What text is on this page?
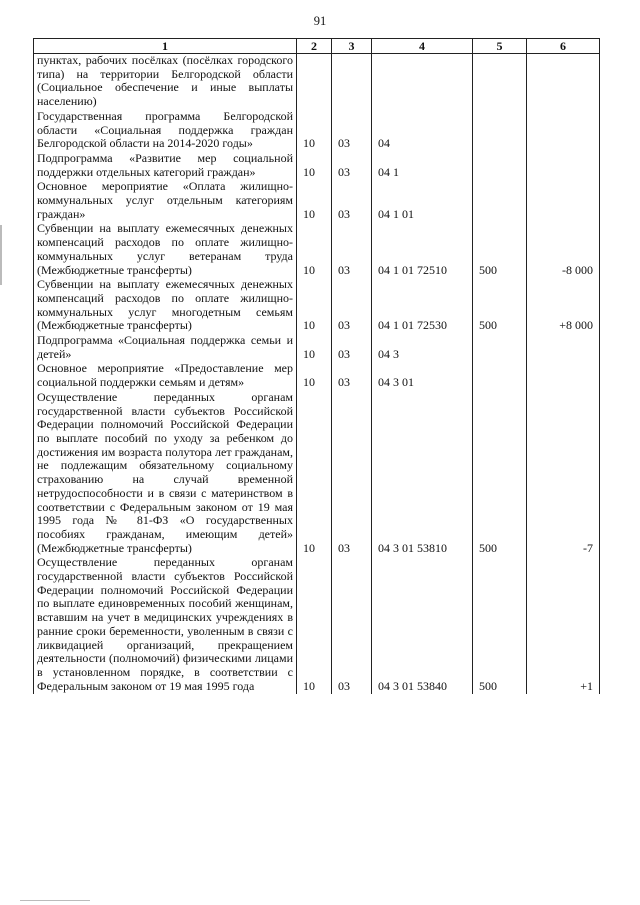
91
1	2	3	4	5	6
пунктах, рабочих посёлках (посёлках городского типа) на территории Белгородской области (Социальное обеспечение и иные выплаты населению)					
Государственная программа Белгородской области «Социальная поддержка граждан Белгородской области на 2014-2020 годы»	10	03	04		
Подпрограмма «Развитие мер социальной поддержки отдельных категорий граждан»	10	03	04 1		
Основное мероприятие «Оплата жилищно-коммунальных услуг отдельным категориям граждан»	10	03	04 1 01		
Субвенции на выплату ежемесячных денежных компенсаций расходов по оплате жилищно-коммунальных услуг ветеранам труда (Межбюджетные трансферты)	10	03	04 1 01 72510	500	-8 000
Субвенции на выплату ежемесячных денежных компенсаций расходов по оплате жилищно-коммунальных услуг многодетным семьям (Межбюджетные трансферты)	10	03	04 1 01 72530	500	+8 000
Подпрограмма «Социальная поддержка семьи и детей»	10	03	04 3		
Основное мероприятие «Предоставление мер социальной поддержки семьям и детям»	10	03	04 3 01		
Осуществление переданных органам государственной власти субъектов Российской Федерации полномочий Российской Федерации по выплате пособий по уходу за ребенком до достижения им возраста полутора лет гражданам, не подлежащим обязательному социальному страхованию на случай временной нетрудоспособности и в связи с материнством в соответствии с Федеральным законом от 19 мая 1995 года № 81-ФЗ «О государственных пособиях гражданам, имеющим детей» (Межбюджетные трансферты)	10	03	04 3 01 53810	500	-7
Осуществление переданных органам государственной власти субъектов Российской Федерации полномочий Российской Федерации по выплате единовременных пособий женщинам, вставшим на учет в медицинских учреждениях в ранние сроки беременности, уволенным в связи с ликвидацией организаций, прекращением деятельности (полномочий) физическими лицами в установленном порядке, в соответствии с Федеральным законом от 19 мая 1995 года	10	03	04 3 01 53840	500	+1
